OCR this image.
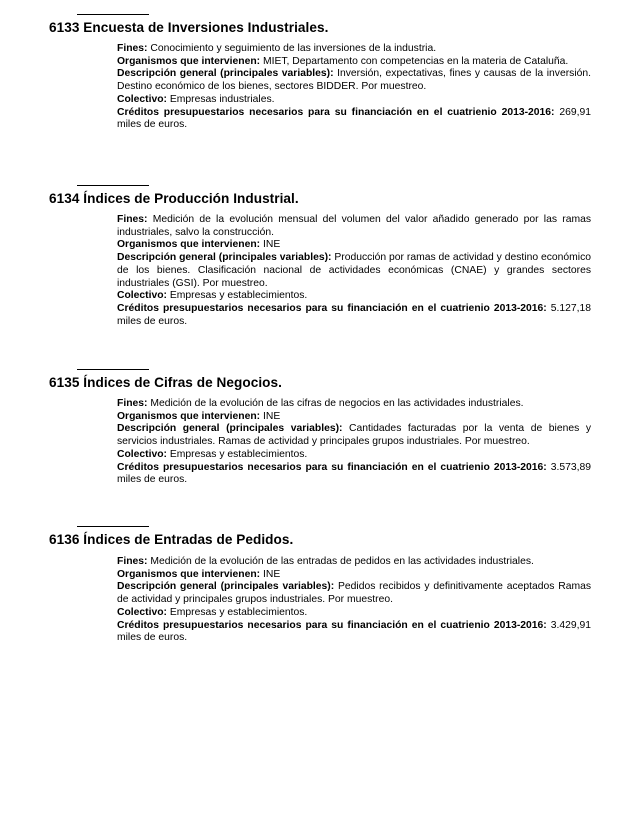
6133 Encuesta de Inversiones Industriales.

Fines: Conocimiento y seguimiento de las inversiones de la industria.

Organismos que intervienen: MIET, Departamento con competencias en la materia de Cataluña.

Descripción general (principales variables): Inversión, expectativas, fines y causas de la inversión. Destino económico de los bienes, sectores BIDDER. Por muestreo.

Colectivo: Empresas industriales.

Créditos presupuestarios necesarios para su financiación en el cuatrienio 2013-2016: 269,91 miles de euros.

6134 Índices de Producción Industrial.

Fines: Medición de la evolución mensual del volumen del valor añadido generado por las ramas industriales, salvo la construcción.

Organismos que intervienen: INE

Descripción general (principales variables): Producción por ramas de actividad y destino económico de los bienes. Clasificación nacional de actividades económicas (CNAE) y grandes sectores industriales (GSI). Por muestreo.

Colectivo: Empresas y establecimientos.

Créditos presupuestarios necesarios para su financiación en el cuatrienio 2013-2016: 5.127,18 miles de euros.

6135 Índices de Cifras de Negocios.

Fines: Medición de la evolución de las cifras de negocios en las actividades industriales.

Organismos que intervienen: INE

Descripción general (principales variables): Cantidades facturadas por la venta de bienes y servicios industriales. Ramas de actividad y principales grupos industriales. Por muestreo.

Colectivo: Empresas y establecimientos.

Créditos presupuestarios necesarios para su financiación en el cuatrienio 2013-2016: 3.573,89 miles de euros.

6136 Índices de Entradas de Pedidos.

Fines: Medición de la evolución de las entradas de pedidos en las actividades industriales.

Organismos que intervienen: INE

Descripción general (principales variables): Pedidos recibidos y definitivamente aceptados Ramas de actividad y principales grupos industriales. Por muestreo.

Colectivo: Empresas y establecimientos.

Créditos presupuestarios necesarios para su financiación en el cuatrienio 2013-2016: 3.429,91 miles de euros.
